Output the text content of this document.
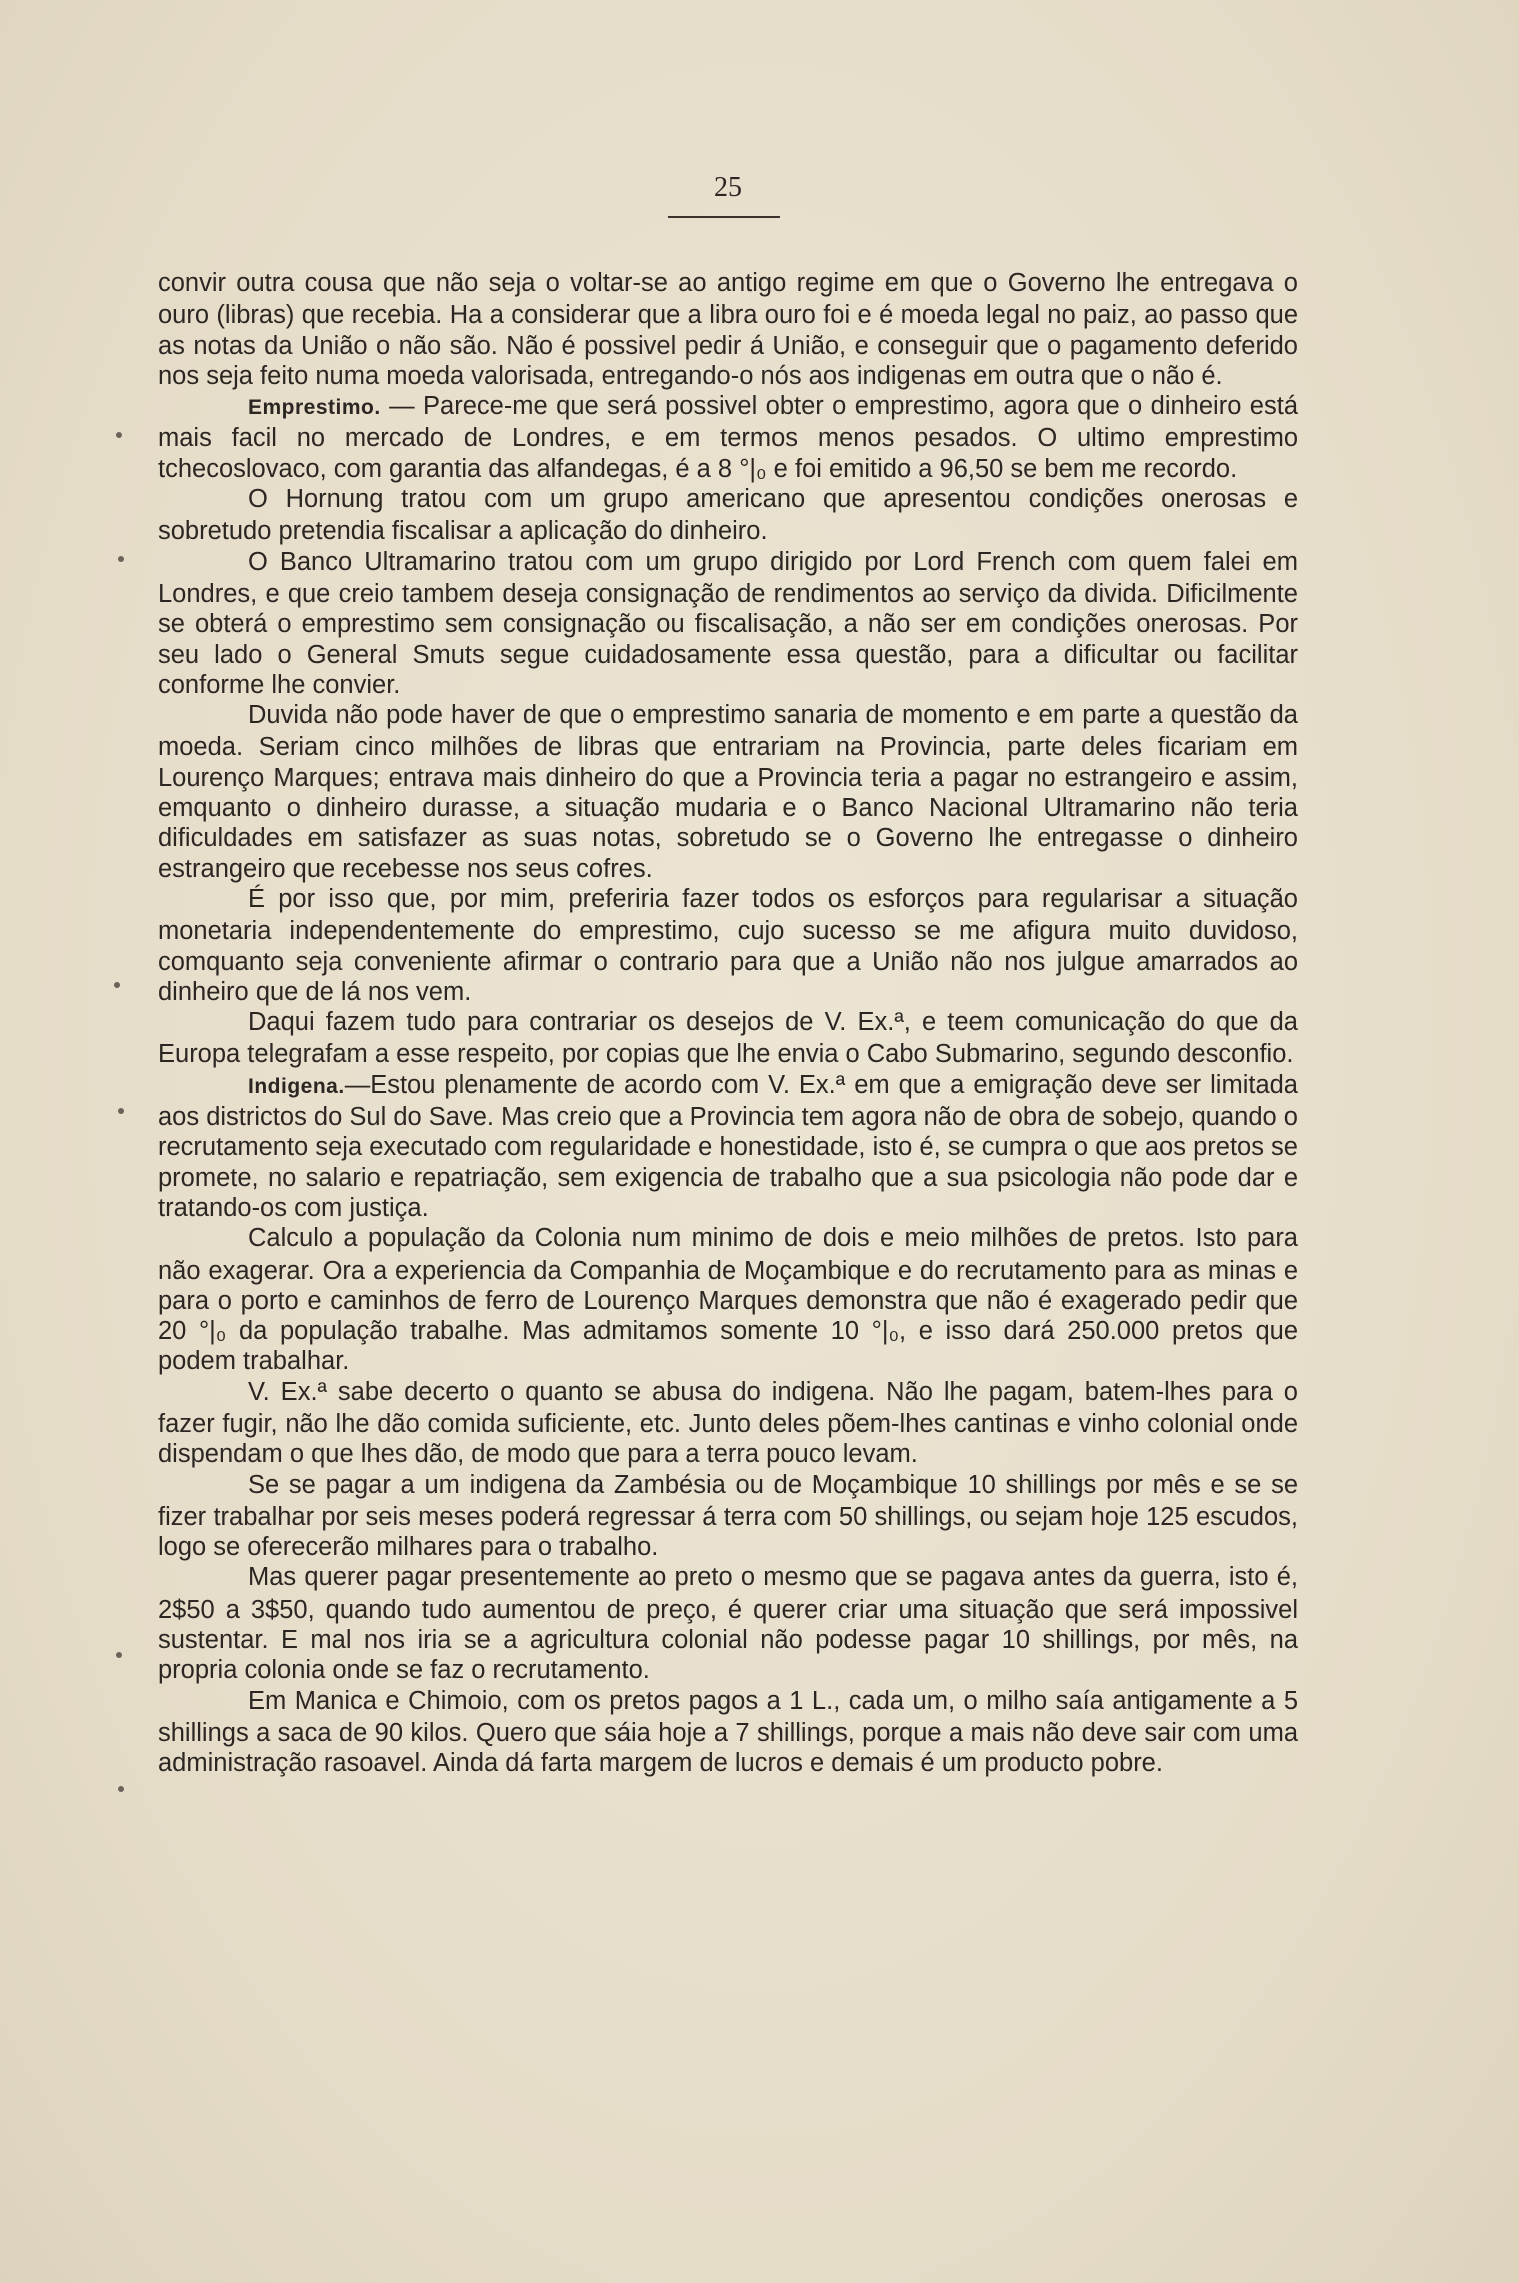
25

convir outra cousa que não seja o voltar-se ao antigo regime em que o Governo lhe entregava o ouro (libras) que recebia. Ha a considerar que a libra ouro foi e é moeda legal no paiz, ao passo que as notas da União o não são. Não é possivel pedir á União, e conseguir que o pagamento deferido nos seja feito numa moeda valorisada, entregando-o nós aos indigenas em outra que o não é.

Emprestimo. — Parece-me que será possivel obter o emprestimo, agora que o dinheiro está mais facil no mercado de Londres, e em termos menos pesados. O ultimo emprestimo tchecoslovaco, com garantia das alfandegas, é a 8 °|₀ e foi emitido a 96,50 se bem me recordo.

O Hornung tratou com um grupo americano que apresentou condições onerosas e sobretudo pretendia fiscalisar a aplicação do dinheiro.

O Banco Ultramarino tratou com um grupo dirigido por Lord French com quem falei em Londres, e que creio tambem deseja consignação de rendimentos ao serviço da divida. Dificilmente se obterá o emprestimo sem consignação ou fiscalisação, a não ser em condições onerosas. Por seu lado o General Smuts segue cuidadosamente essa questão, para a dificultar ou facilitar conforme lhe convier.

Duvida não pode haver de que o emprestimo sanaria de momento e em parte a questão da moeda. Seriam cinco milhões de libras que entrariam na Provincia, parte deles ficariam em Lourenço Marques; entrava mais dinheiro do que a Provincia teria a pagar no estrangeiro e assim, emquanto o dinheiro durasse, a situação mudaria e o Banco Nacional Ultramarino não teria dificuldades em satisfazer as suas notas, sobretudo se o Governo lhe entregasse o dinheiro estrangeiro que recebesse nos seus cofres.

É por isso que, por mim, preferiria fazer todos os esforços para regularisar a situação monetaria independentemente do emprestimo, cujo sucesso se me afigura muito duvidoso, comquanto seja conveniente afirmar o contrario para que a União não nos julgue amarrados ao dinheiro que de lá nos vem.

Daqui fazem tudo para contrariar os desejos de V. Ex.ª, e teem comunicação do que da Europa telegrafam a esse respeito, por copias que lhe envia o Cabo Submarino, segundo desconfio.

Indigena.—Estou plenamente de acordo com V. Ex.ª em que a emigração deve ser limitada aos districtos do Sul do Save. Mas creio que a Provincia tem agora não de obra de sobejo, quando o recrutamento seja executado com regularidade e honestidade, isto é, se cumpra o que aos pretos se promete, no salario e repatriação, sem exigencia de trabalho que a sua psicologia não pode dar e tratando-os com justiça.

Calculo a população da Colonia num minimo de dois e meio milhões de pretos. Isto para não exagerar. Ora a experiencia da Companhia de Moçambique e do recrutamento para as minas e para o porto e caminhos de ferro de Lourenço Marques demonstra que não é exagerado pedir que 20 °|₀ da população trabalhe. Mas admitamos somente 10 °|₀, e isso dará 250.000 pretos que podem trabalhar.

V. Ex.ª sabe decerto o quanto se abusa do indigena. Não lhe pagam, batem-lhes para o fazer fugir, não lhe dão comida suficiente, etc. Junto deles põem-lhes cantinas e vinho colonial onde dispendam o que lhes dão, de modo que para a terra pouco levam.

Se se pagar a um indigena da Zambésia ou de Moçambique 10 shillings por mês e se se fizer trabalhar por seis meses poderá regressar á terra com 50 shillings, ou sejam hoje 125 escudos, logo se oferecerão milhares para o trabalho.

Mas querer pagar presentemente ao preto o mesmo que se pagava antes da guerra, isto é, 2$50 a 3$50, quando tudo aumentou de preço, é querer criar uma situação que será impossivel sustentar. E mal nos iria se a agricultura colonial não podesse pagar 10 shillings, por mês, na propria colonia onde se faz o recrutamento.

Em Manica e Chimoio, com os pretos pagos a 1 L., cada um, o milho saía antigamente a 5 shillings a saca de 90 kilos. Quero que sáia hoje a 7 shillings, porque a mais não deve sair com uma administração rasoavel. Ainda dá farta margem de lucros e demais é um producto pobre.
